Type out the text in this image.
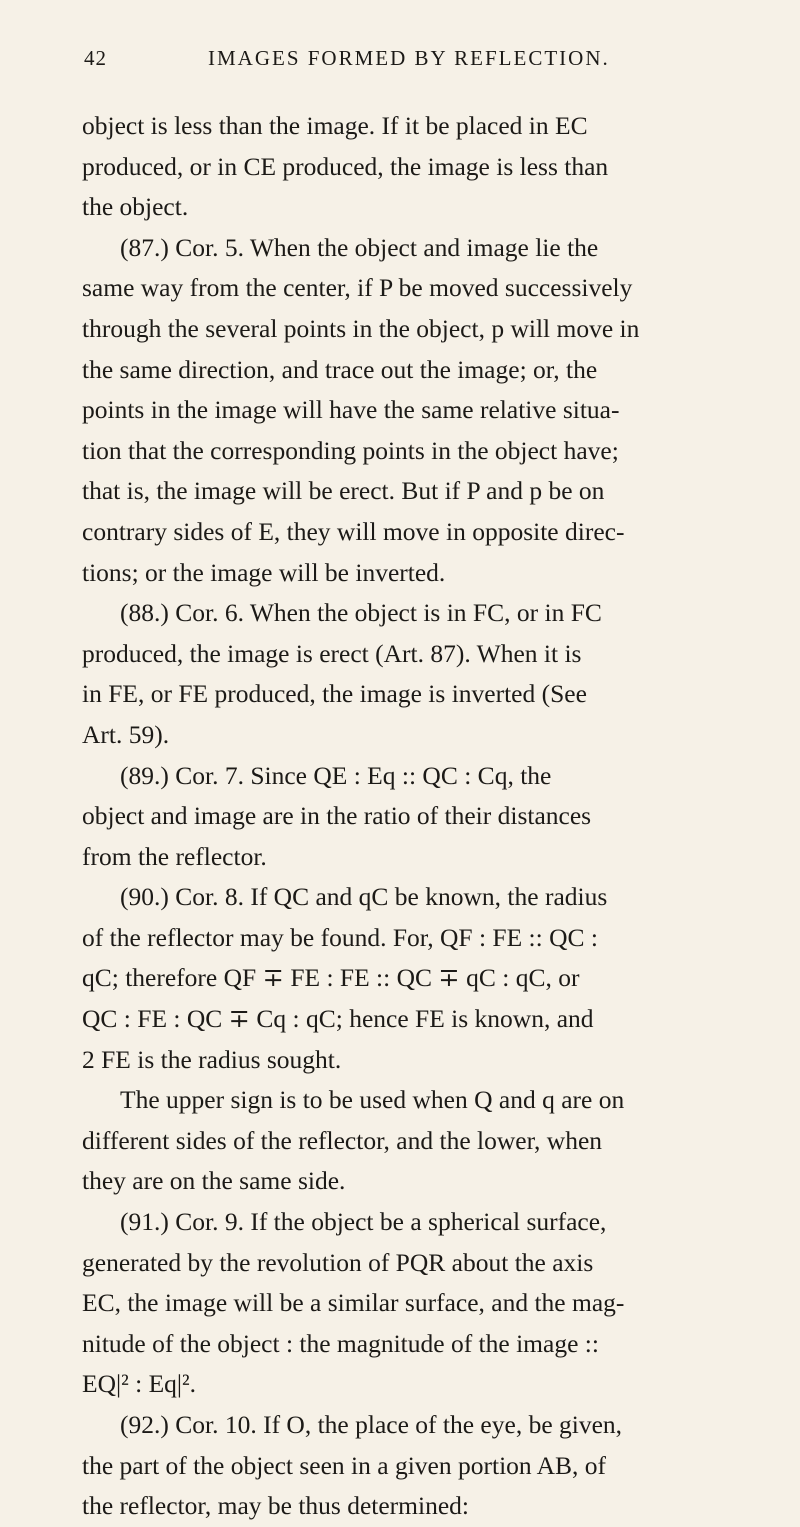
42	IMAGES FORMED BY REFLECTION.
object is less than the image. If it be placed in EC
produced, or in CE produced, the image is less than
the object.
(87.) Cor. 5. When the object and image lie the
same way from the center, if P be moved successively
through the several points in the object, p will move in
the same direction, and trace out the image; or, the
points in the image will have the same relative situa-
tion that the corresponding points in the object have;
that is, the image will be erect. But if P and p be on
contrary sides of E, they will move in opposite direc-
tions; or the image will be inverted.
(88.) Cor. 6. When the object is in FC, or in FC
produced, the image is erect (Art. 87). When it is
in FE, or FE produced, the image is inverted (See
Art. 59).
(89.) Cor. 7. Since QE : Eq :: QC : Cq, the
object and image are in the ratio of their distances
from the reflector.
(90.) Cor. 8. If QC and qC be known, the radius
of the reflector may be found. For, QF : FE :: QC :
qC; therefore QF ∓ FE : FE :: QC ∓ qC : qC, or
QC : FE : QC ∓ Cq : qC; hence FE is known, and
2 FE is the radius sought.
The upper sign is to be used when Q and q are on
different sides of the reflector, and the lower, when
they are on the same side.
(91.) Cor. 9. If the object be a spherical surface,
generated by the revolution of PQR about the axis
EC, the image will be a similar surface, and the mag-
nitude of the object : the magnitude of the image ::
EQ|² : Eq|².
(92.) Cor. 10. If O, the place of the eye, be given,
the part of the object seen in a given portion AB, of
the reflector, may be thus determined:
